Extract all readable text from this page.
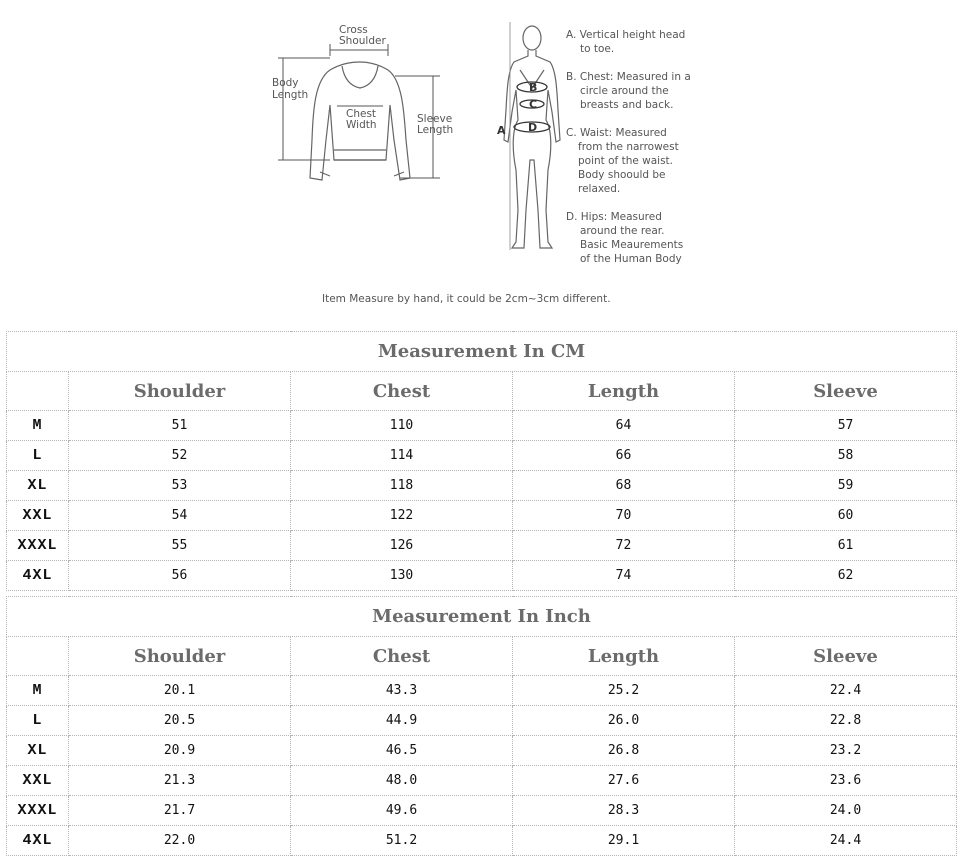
Cross
Shoulder
Body
Length
Chest
Width	Sleeve
Length
B
C
D
A
A. Vertical height head
to toe.
B. Chest: Measured in a
circle around the
breasts and back.
C. Waist: Measured
from the narrowest
point of the waist.
Body shoould be
relaxed.
D. Hips: Measured
around the rear.
Basic Meaurements
of the Human Body
Item Measure by hand, it could be 2cm~3cm different.
Measurement In CM				
	Shoulder	Chest	Length	Sleeve
M	51	110	64	57
L	52	114	66	58
XL	53	118	68	59
XXL	54	122	70	60
XXXL	55	126	72	61
4XL	56	130	74	62
Measurement In Inch				
	Shoulder	Chest	Length	Sleeve
M	20.1	43.3	25.2	22.4
L	20.5	44.9	26.0	22.8
XL	20.9	46.5	26.8	23.2
XXL	21.3	48.0	27.6	23.6
XXXL	21.7	49.6	28.3	24.0
4XL	22.0	51.2	29.1	24.4
